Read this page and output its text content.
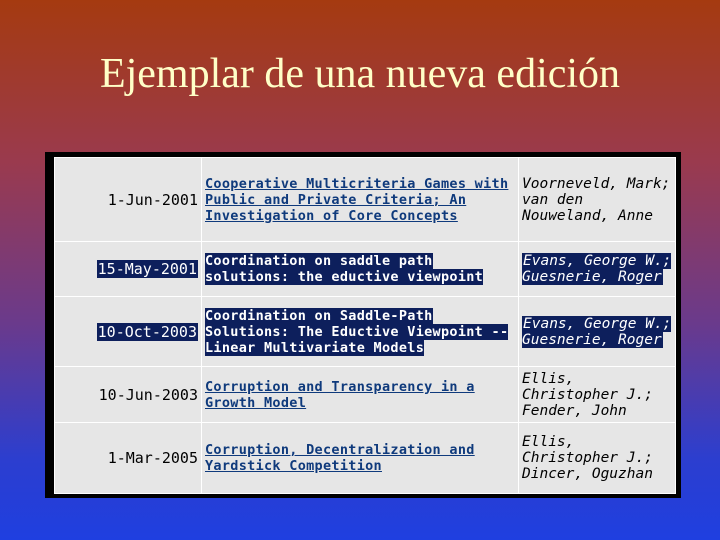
Ejemplar de una nueva edición
1-Jun-2001	Cooperative Multicriteria Games with Public and Private Criteria; An Investigation of Core Concepts	Voorneveld, Mark; van den Nouweland, Anne
15-May-2001	Coordination on saddle path solutions: the eductive viewpoint	Evans, George W.; Guesnerie, Roger
10-Oct-2003	Coordination on Saddle-Path Solutions: The Eductive Viewpoint -- Linear Multivariate Models	Evans, George W.; Guesnerie, Roger
10-Jun-2003	Corruption and Transparency in a Growth Model	Ellis, Christopher J.; Fender, John
1-Mar-2005	Corruption, Decentralization and Yardstick Competition	Ellis, Christopher J.; Dincer, Oguzhan
